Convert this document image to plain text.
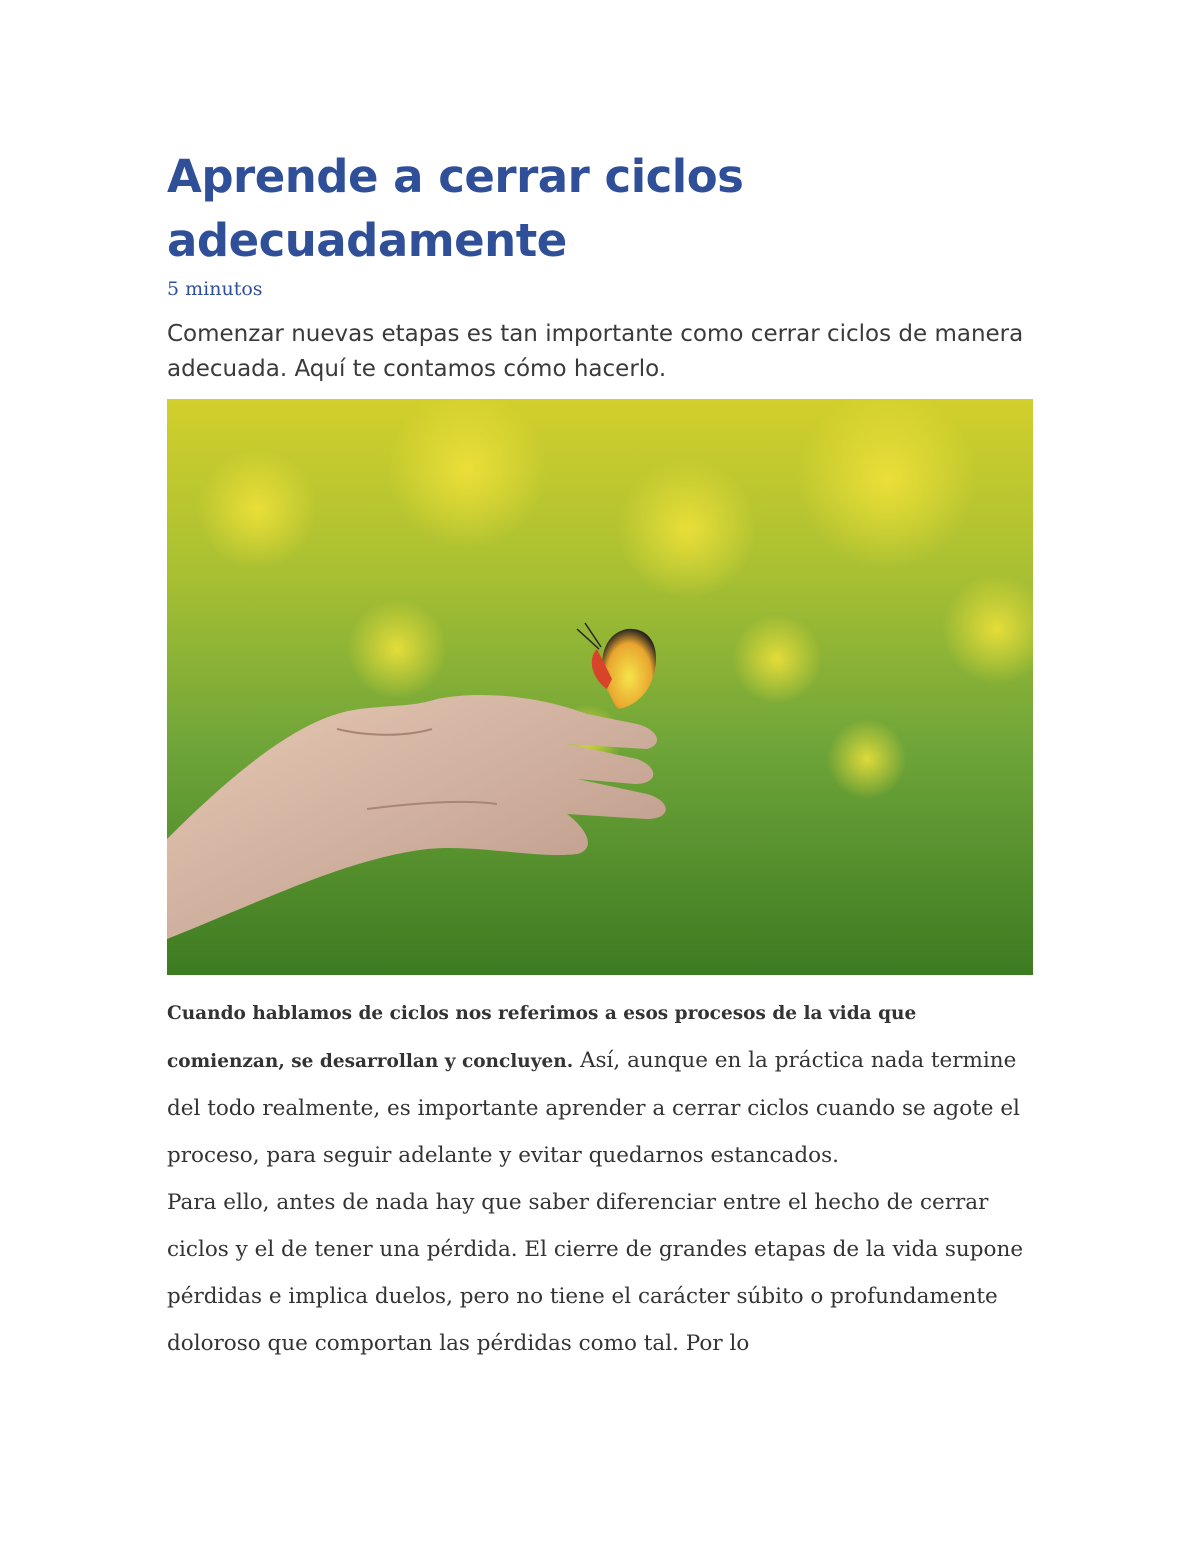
Aprende a cerrar ciclos adecuadamente

5 minutos

Comenzar nuevas etapas es tan importante como cerrar ciclos de manera adecuada. Aquí te contamos cómo hacerlo.

Cuando hablamos de ciclos nos referimos a esos procesos de la vida que comienzan, se desarrollan y concluyen. Así, aunque en la práctica nada termine del todo realmente, es importante aprender a cerrar ciclos cuando se agote el proceso, para seguir adelante y evitar quedarnos estancados.

Para ello, antes de nada hay que saber diferenciar entre el hecho de cerrar ciclos y el de tener una pérdida. El cierre de grandes etapas de la vida supone pérdidas e implica duelos, pero no tiene el carácter súbito o profundamente doloroso que comportan las pérdidas como tal. Por lo
